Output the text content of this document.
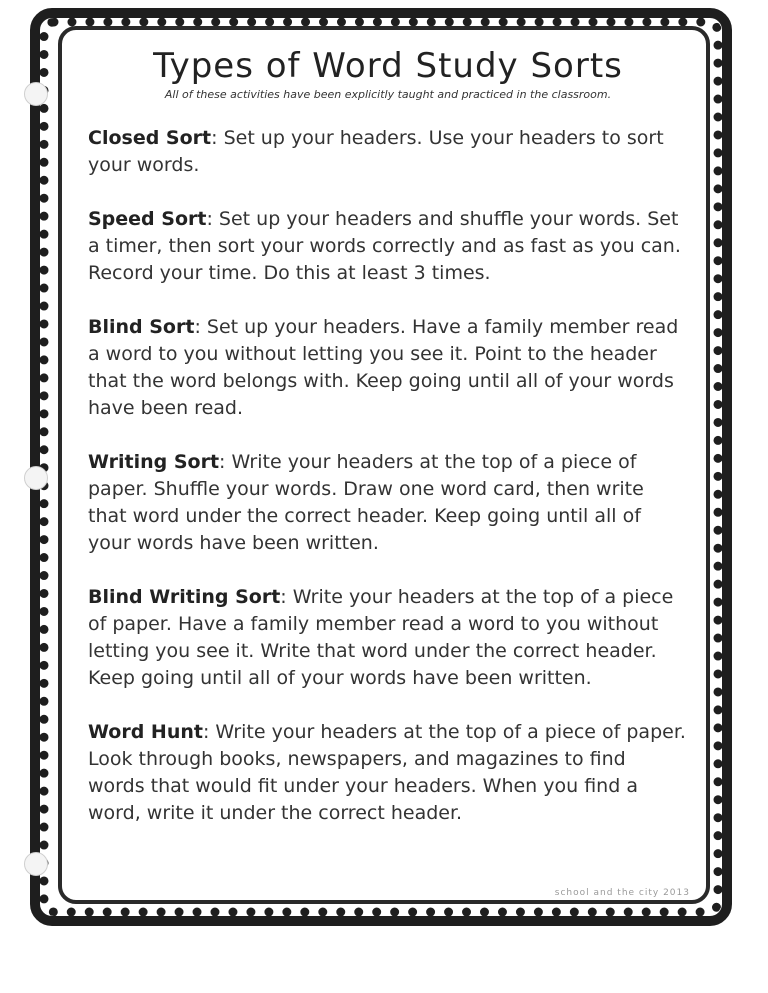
Types of Word Study Sorts

All of these activities have been explicitly taught and practiced in the classroom.

Closed Sort: Set up your headers. Use your headers to sort your words.

Speed Sort: Set up your headers and shuffle your words. Set a timer, then sort your words correctly and as fast as you can. Record your time. Do this at least 3 times.

Blind Sort: Set up your headers. Have a family member read a word to you without letting you see it. Point to the header that the word belongs with. Keep going until all of your words have been read.

Writing Sort: Write your headers at the top of a piece of paper. Shuffle your words. Draw one word card, then write that word under the correct header. Keep going until all of your words have been written.

Blind Writing Sort: Write your headers at the top of a piece of paper. Have a family member read a word to you without letting you see it. Write that word under the correct header. Keep going until all of your words have been written.

Word Hunt: Write your headers at the top of a piece of paper. Look through books, newspapers, and magazines to find words that would fit under your headers. When you find a word, write it under the correct header.

school and the city 2013
